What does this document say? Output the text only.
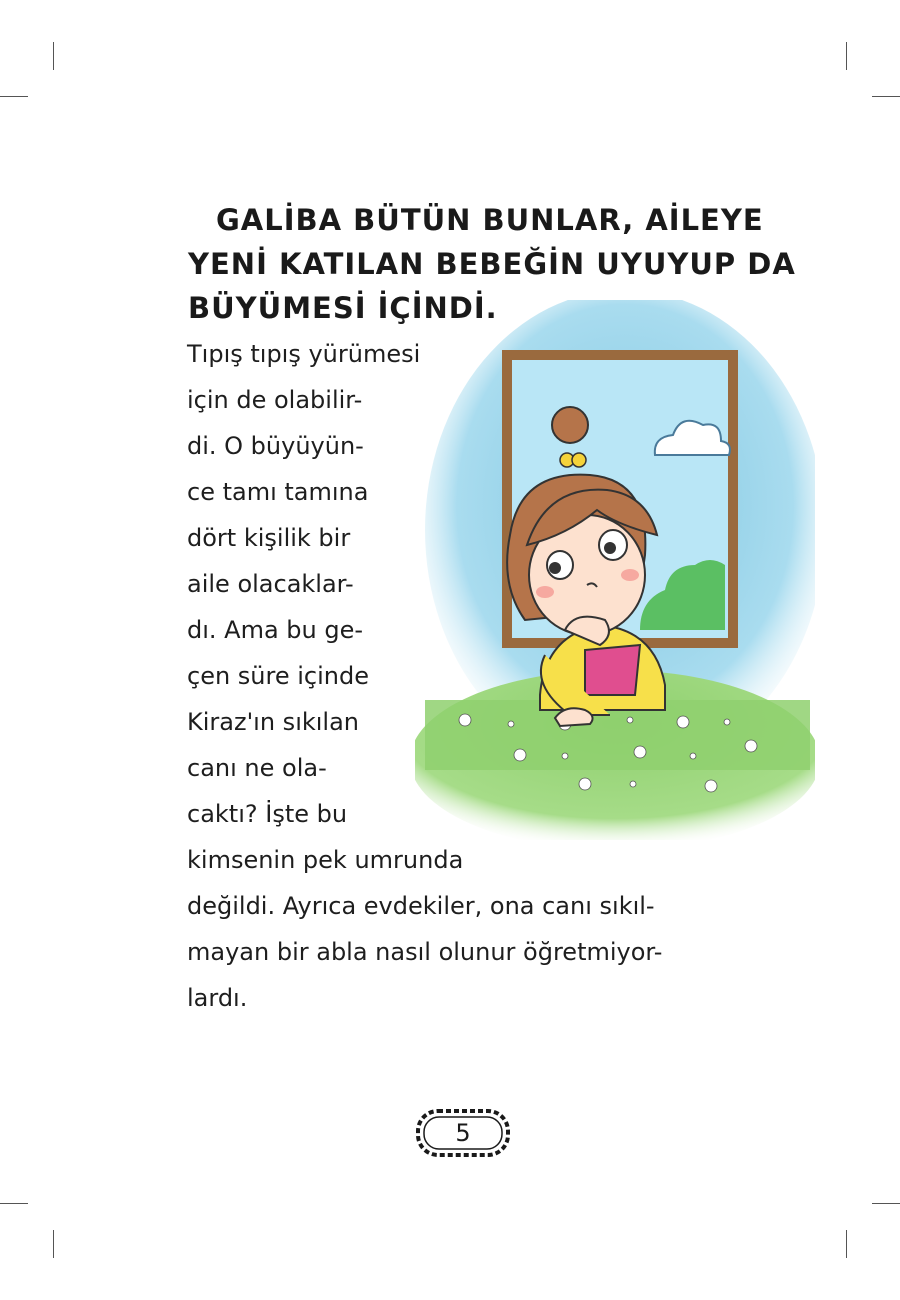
GALİBA BÜTÜN BUNLAR, AİLEYE
YENİ KATILAN BEBEĞİN UYUYUP DA
BÜYÜMESİ İÇİNDİ.
Tıpış tıpış yürümesi
için de olabilir-
di. O büyüyün-
ce tamı tamına
dört kişilik bir
aile olacaklar-
dı. Ama bu ge-
çen süre içinde
Kiraz'ın sıkılan
canı ne ola-
caktı? İşte bu
kimsenin pek umrunda
değildi. Ayrıca evdekiler, ona canı sıkıl-
mayan bir abla nasıl olunur öğretmiyor-
lardı.
5
